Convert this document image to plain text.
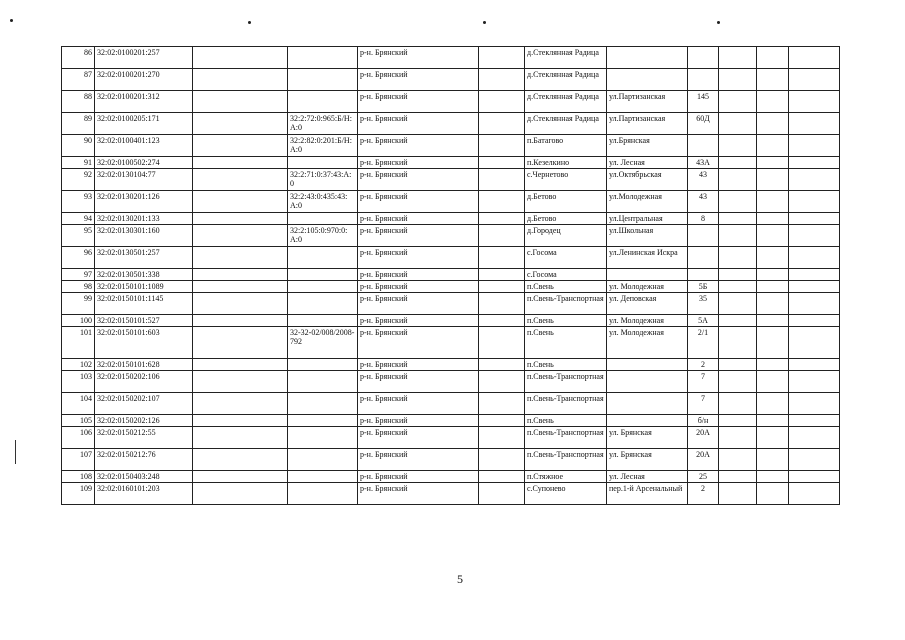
86	32:02:0100201:257			р-н. Брянский		д.Стеклянная Радица					
87	32:02:0100201:270			р-н. Брянский		д.Стеклянная Радица					
88	32:02:0100201:312			р-н. Брянский		д.Стеклянная Радица	ул.Партизанская	145			
89	32:02:0100205:171		32:2:72:0:965:Б/Н:А:0	р-н. Брянский		д.Стеклянная Радица	ул.Партизанская	60Д			
90	32:02:0100401:123		32:2:82:0:201:Б/Н:А:0	р-н. Брянский		п.Батагово	ул.Брянская				
91	32:02:0100502:274			р-н. Брянский		п.Кезелкино	ул. Лесная	43А			
92	32:02:0130104:77		32:2:71:0:37:43:А:0	р-н. Брянский		с.Чернетово	ул.Октябрьская	43			
93	32:02:0130201:126		32:2:43:0:435:43:А:0	р-н. Брянский		д.Бетово	ул.Молодежная	43			
94	32:02:0130201:133			р-н. Брянский		д.Бетово	ул.Центральная	8			
95	32:02:0130301:160		32:2:105:0:970:0:А:0	р-н. Брянский		д.Городец	ул.Школьная				
96	32:02:0130501:257			р-н. Брянский		с.Госома	ул.Ленинская Искра				
97	32:02:0130501:338			р-н. Брянский		с.Госома					
98	32:02:0150101:1089			р-н. Брянский		п.Свень	ул. Молодежная	5Б			
99	32:02:0150101:1145			р-н. Брянский		п.Свень-Транспортная	ул. Деповская	35			
100	32:02:0150101:527			р-н. Брянский		п.Свень	ул. Молодежная	5А			
101	32:02:0150101:603		32-32-02/008/2008-792	р-н. Брянский		п.Свень	ул. Молодежная	2/1			
102	32:02:0150101:628			р-н. Брянский		п.Свень		2			
103	32:02:0150202:106			р-н. Брянский		п.Свень-Транспортная		7			
104	32:02:0150202:107			р-н. Брянский		п.Свень-Транспортная		7			
105	32:02:0150202:126			р-н. Брянский		п.Свень		б/н			
106	32:02:0150212:55			р-н. Брянский		п.Свень-Транспортная	ул. Брянская	20А			
107	32:02:0150212:76			р-н. Брянский		п.Свень-Транспортная	ул. Брянская	20А			
108	32:02:0150403:248			р-н. Брянский		п.Стяжное	ул. Лесная	25			
109	32:02:0160101:203			р-н. Брянский		с.Супонево	пер.1-й Арсенальный	2			
5
